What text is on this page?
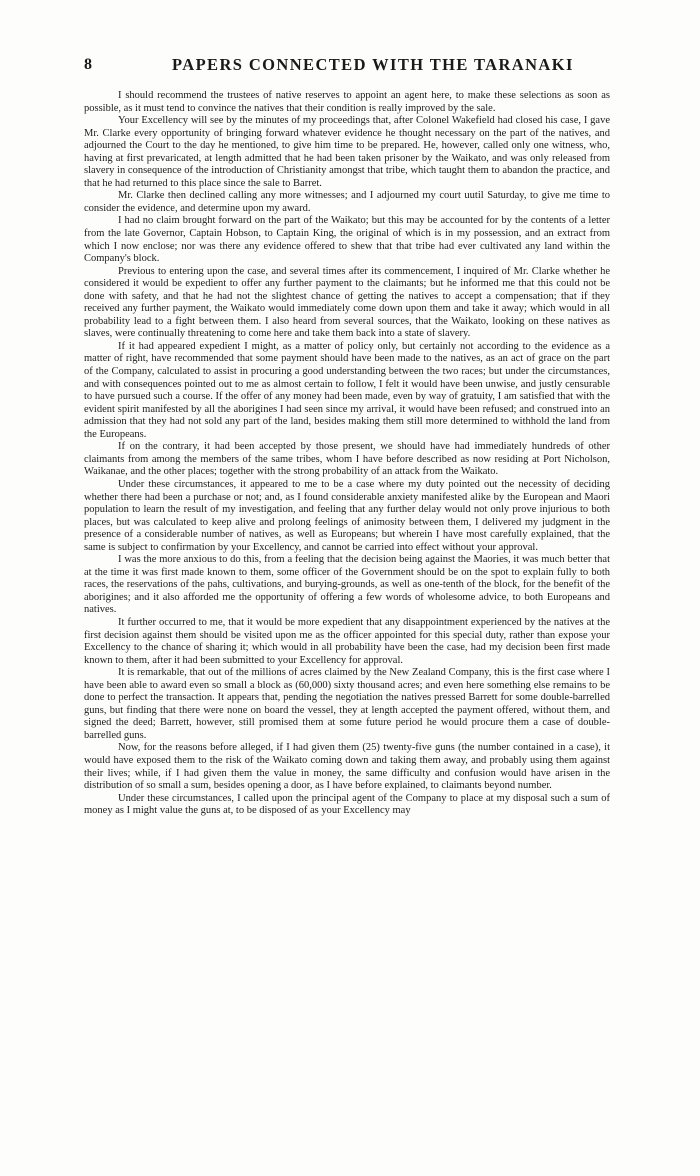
8	PAPERS CONNECTED WITH THE TARANAKI

I should recommend the trustees of native reserves to appoint an agent here, to make these selections as soon as possible, as it must tend to convince the natives that their condition is really improved by the sale.

Your Excellency will see by the minutes of my proceedings that, after Colonel Wakefield had closed his case, I gave Mr. Clarke every opportunity of bringing forward whatever evidence he thought necessary on the part of the natives, and adjourned the Court to the day he mentioned, to give him time to be prepared. He, however, called only one witness, who, having at first prevaricated, at length admitted that he had been taken prisoner by the Waikato, and was only released from slavery in consequence of the introduction of Christianity amongst that tribe, which taught them to abandon the practice, and that he had returned to this place since the sale to Barret.

Mr. Clarke then declined calling any more witnesses; and I adjourned my court uutil Saturday, to give me time to consider the evidence, and determine upon my award.

I had no claim brought forward on the part of the Waikato; but this may be accounted for by the contents of a letter from the late Governor, Captain Hobson, to Captain King, the original of which is in my possession, and an extract from which I now enclose; nor was there any evidence offered to shew that that tribe had ever cultivated any land within the Company's block.

Previous to entering upon the case, and several times after its commencement, I inquired of Mr. Clarke whether he considered it would be expedient to offer any further payment to the claimants; but he informed me that this could not be done with safety, and that he had not the slightest chance of getting the natives to accept a compensation; that if they received any further payment, the Waikato would immediately come down upon them and take it away; which would in all probability lead to a fight between them. I also heard from several sources, that the Waikato, looking on these natives as slaves, were continually threatening to come here and take them back into a state of slavery.

If it had appeared expedient I might, as a matter of policy only, but certainly not according to the evidence as a matter of right, have recommended that some payment should have been made to the natives, as an act of grace on the part of the Company, calculated to assist in procuring a good understanding between the two races; but under the circumstances, and with consequences pointed out to me as almost certain to follow, I felt it would have been unwise, and justly censurable to have pursued such a course. If the offer of any money had been made, even by way of gratuity, I am satisfied that with the evident spirit manifested by all the aborigines I had seen since my arrival, it would have been refused; and construed into an admission that they had not sold any part of the land, besides making them still more determined to withhold the land from the Europeans.

If on the contrary, it had been accepted by those present, we should have had immediately hundreds of other claimants from among the members of the same tribes, whom I have before described as now residing at Port Nicholson, Waikanae, and the other places; together with the strong probability of an attack from the Waikato.

Under these circumstances, it appeared to me to be a case where my duty pointed out the necessity of deciding whether there had been a purchase or not; and, as I found considerable anxiety manifested alike by the European and Maori population to learn the result of my investigation, and feeling that any further delay would not only prove injurious to both places, but was calculated to keep alive and prolong feelings of animosity between them, I delivered my judgment in the presence of a considerable number of natives, as well as Europeans; but wherein I have most carefully explained, that the same is subject to confirmation by your Excellency, and cannot be carried into effect without your approval.

I was the more anxious to do this, from a feeling that the decision being against the Maories, it was much better that at the time it was first made known to them, some officer of the Government should be on the spot to explain fully to both races, the reservations of the pahs, cultivations, and burying-grounds, as well as one-tenth of the block, for the benefit of the aborigines; and it also afforded me the opportunity of offering a few words of wholesome advice, to both Europeans and natives.

It further occurred to me, that it would be more expedient that any disappointment experienced by the natives at the first decision against them should be visited upon me as the officer appointed for this special duty, rather than expose your Excellency to the chance of sharing it; which would in all probability have been the case, had my decision been first made known to them, after it had been submitted to your Excellency for approval.

It is remarkable, that out of the millions of acres claimed by the New Zealand Company, this is the first case where I have been able to award even so small a block as (60,000) sixty thousand acres; and even here something else remains to be done to perfect the transaction. It appears that, pending the negotiation the natives pressed Barrett for some double-barrelled guns, but finding that there were none on board the vessel, they at length accepted the payment offered, without them, and signed the deed; Barrett, however, still promised them at some future period he would procure them a case of double-barrelled guns.

Now, for the reasons before alleged, if I had given them (25) twenty-five guns (the number contained in a case), it would have exposed them to the risk of the Waikato coming down and taking them away, and probably using them against their lives; while, if I had given them the value in money, the same difficulty and confusion would have arisen in the distribution of so small a sum, besides opening a door, as I have before explained, to claimants beyond number.

Under these circumstances, I called upon the principal agent of the Company to place at my disposal such a sum of money as I might value the guns at, to be disposed of as your Excellency may
